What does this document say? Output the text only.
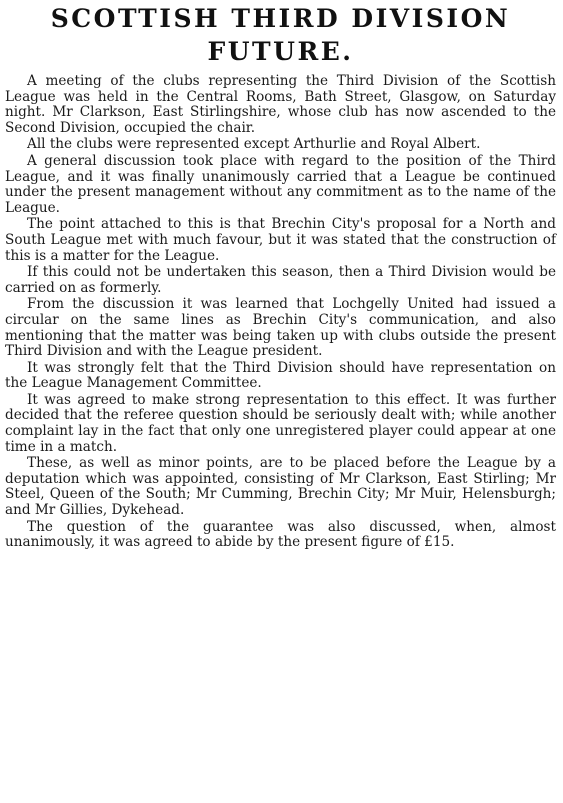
SCOTTISH THIRD DIVISION
FUTURE.

A meeting of the clubs representing the Third Division of the Scottish League was held in the Central Rooms, Bath Street, Glasgow, on Saturday night. Mr Clarkson, East Stirlingshire, whose club has now ascended to the Second Division, occupied the chair.

All the clubs were represented except Arthurlie and Royal Albert.

A general discussion took place with regard to the position of the Third League, and it was finally unanimously carried that a League be continued under the present management without any commitment as to the name of the League.

The point attached to this is that Brechin City's proposal for a North and South League met with much favour, but it was stated that the construction of this is a matter for the League.

If this could not be undertaken this season, then a Third Division would be carried on as formerly.

From the discussion it was learned that Lochgelly United had issued a circular on the same lines as Brechin City's communication, and also mentioning that the matter was being taken up with clubs outside the present Third Division and with the League president.

It was strongly felt that the Third Division should have representation on the League Management Committee.

It was agreed to make strong representation to this effect. It was further decided that the referee question should be seriously dealt with; while another complaint lay in the fact that only one unregistered player could appear at one time in a match.

These, as well as minor points, are to be placed before the League by a deputation which was appointed, consisting of Mr Clarkson, East Stirling; Mr Steel, Queen of the South; Mr Cumming, Brechin City; Mr Muir, Helensburgh; and Mr Gillies, Dykehead.

The question of the guarantee was also discussed, when, almost unanimously, it was agreed to abide by the present figure of £15.
